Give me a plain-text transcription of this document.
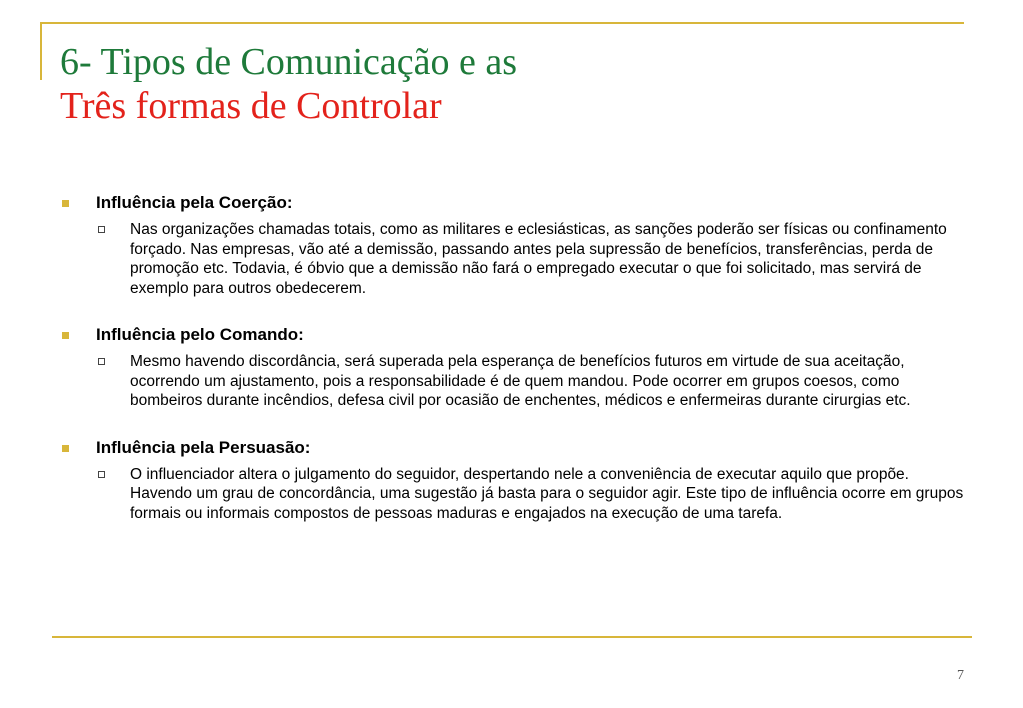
6- Tipos de Comunicação e as
Três formas de Controlar
Influência pela Coerção:
Nas organizações chamadas totais, como as militares e eclesiásticas, as sanções poderão ser físicas ou confinamento forçado. Nas empresas, vão até a demissão, passando antes pela supressão de benefícios, transferências, perda de promoção etc. Todavia, é óbvio que a demissão não fará o empregado executar o que foi solicitado, mas servirá de exemplo para outros obedecerem.
Influência pelo Comando:
Mesmo havendo discordância, será superada pela esperança de benefícios futuros em virtude de sua aceitação, ocorrendo um ajustamento, pois a responsabilidade é de quem mandou. Pode ocorrer em grupos coesos, como bombeiros durante incêndios, defesa civil por ocasião de enchentes, médicos e enfermeiras durante cirurgias etc.
Influência pela Persuasão:
O influenciador altera o julgamento do seguidor, despertando nele a conveniência de executar aquilo que propõe. Havendo um grau de concordância, uma sugestão já basta para o seguidor agir. Este tipo de influência ocorre em grupos formais ou informais compostos de pessoas maduras e engajados na execução de uma tarefa.
7
